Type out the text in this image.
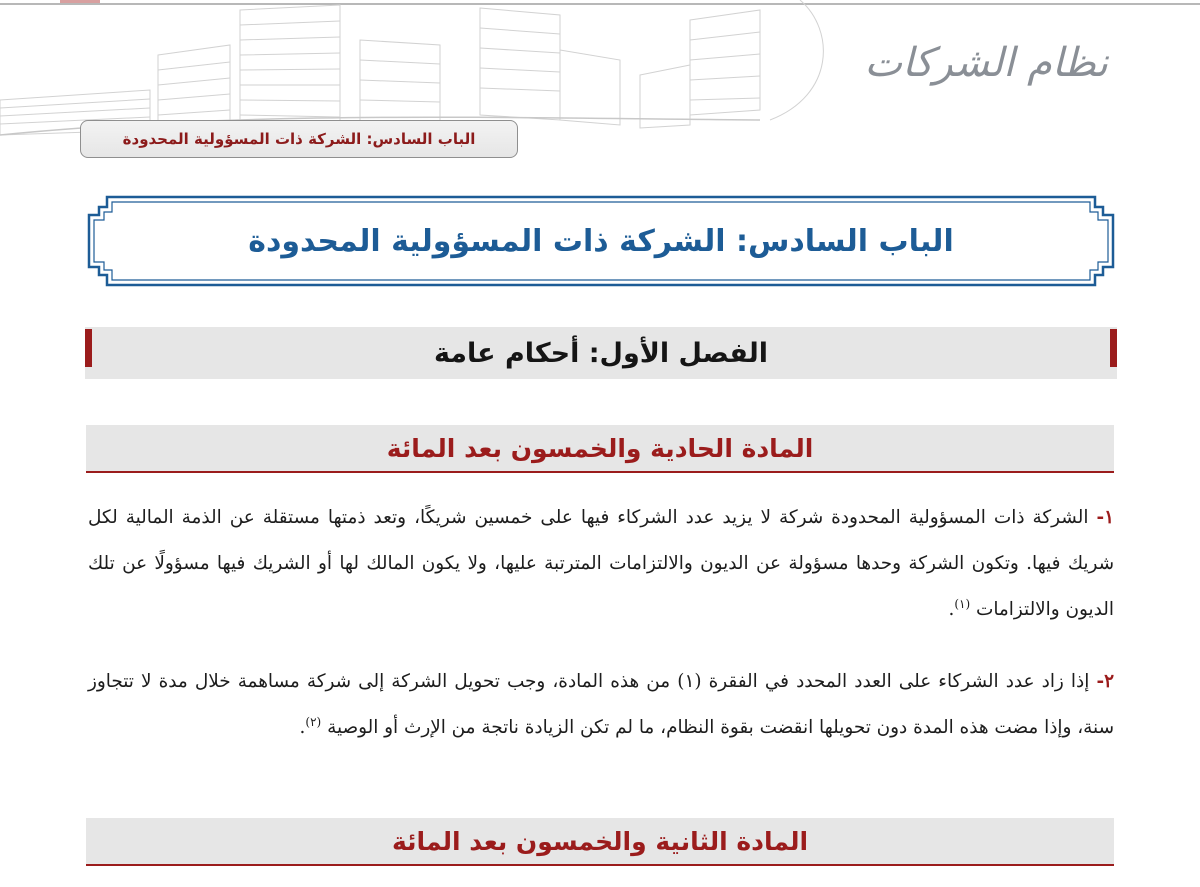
نظام الشركات
الباب السادس: الشركة ذات المسؤولية المحدودة
الباب السادس: الشركة ذات المسؤولية المحدودة
الفصل الأول: أحكام عامة
المادة الحادية والخمسون بعد المائة

١- الشركة ذات المسؤولية المحدودة شركة لا يزيد عدد الشركاء فيها على خمسين شريكًا، وتعد ذمتها مستقلة عن الذمة المالية لكل شريك فيها. وتكون الشركة وحدها مسؤولة عن الديون والالتزامات المترتبة عليها، ولا يكون المالك لها أو الشريك فيها مسؤولًا عن تلك الديون والالتزامات $^{(١)}$.

٢- إذا زاد عدد الشركاء على العدد المحدد في الفقرة (١) من هذه المادة، وجب تحويل الشركة إلى شركة مساهمة خلال مدة لا تتجاوز سنة، وإذا مضت هذه المدة دون تحويلها انقضت بقوة النظام، ما لم تكن الزيادة ناتجة من الإرث أو الوصية $^{(٢)}$.

المادة الثانية والخمسون بعد المائة
